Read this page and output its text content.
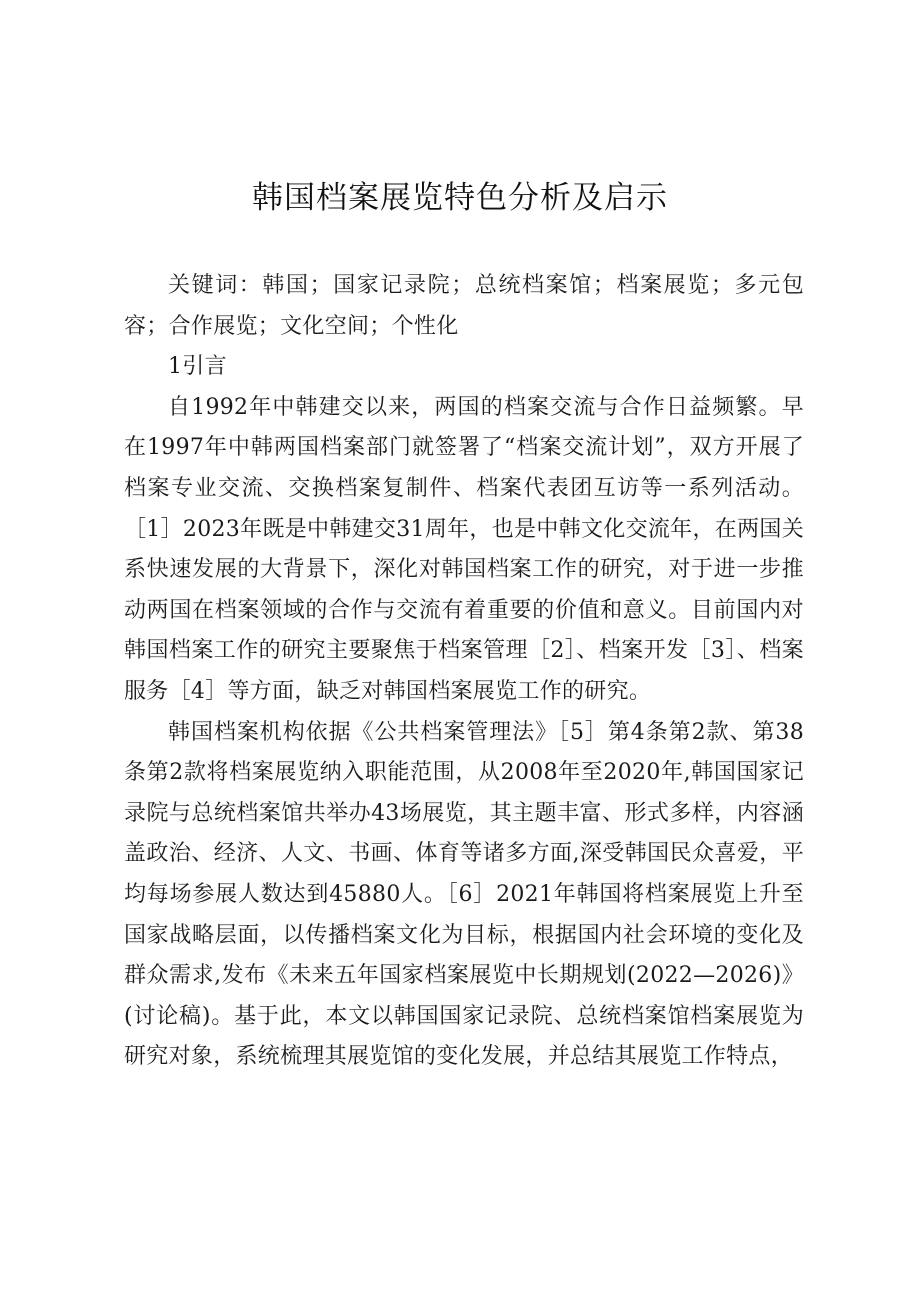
韩国档案展览特色分析及启示

关键词：韩国；国家记录院；总统档案馆；档案展览；多元包容；合作展览；文化空间；个性化

1引言

自1992年中韩建交以来，两国的档案交流与合作日益频繁。早在1997年中韩两国档案部门就签署了“档案交流计划”，双方开展了档案专业交流、交换档案复制件、档案代表团互访等一系列活动。［1］2023年既是中韩建交31周年，也是中韩文化交流年，在两国关系快速发展的大背景下，深化对韩国档案工作的研究，对于进一步推动两国在档案领域的合作与交流有着重要的价值和意义。目前国内对韩国档案工作的研究主要聚焦于档案管理［2］、档案开发［3］、档案服务［4］等方面，缺乏对韩国档案展览工作的研究。

韩国档案机构依据《公共档案管理法》［5］第4条第2款、第38条第2款将档案展览纳入职能范围，从2008年至2020年,韩国国家记录院与总统档案馆共举办43场展览，其主题丰富、形式多样，内容涵盖政治、经济、人文、书画、体育等诸多方面,深受韩国民众喜爱，平均每场参展人数达到45880人。［6］2021年韩国将档案展览上升至国家战略层面，以传播档案文化为目标，根据国内社会环境的变化及群众需求,发布《未来五年国家档案展览中长期规划(2022—2026)》(讨论稿)。基于此，本文以韩国国家记录院、总统档案馆档案展览为研究对象，系统梳理其展览馆的变化发展，并总结其展览工作特点，
